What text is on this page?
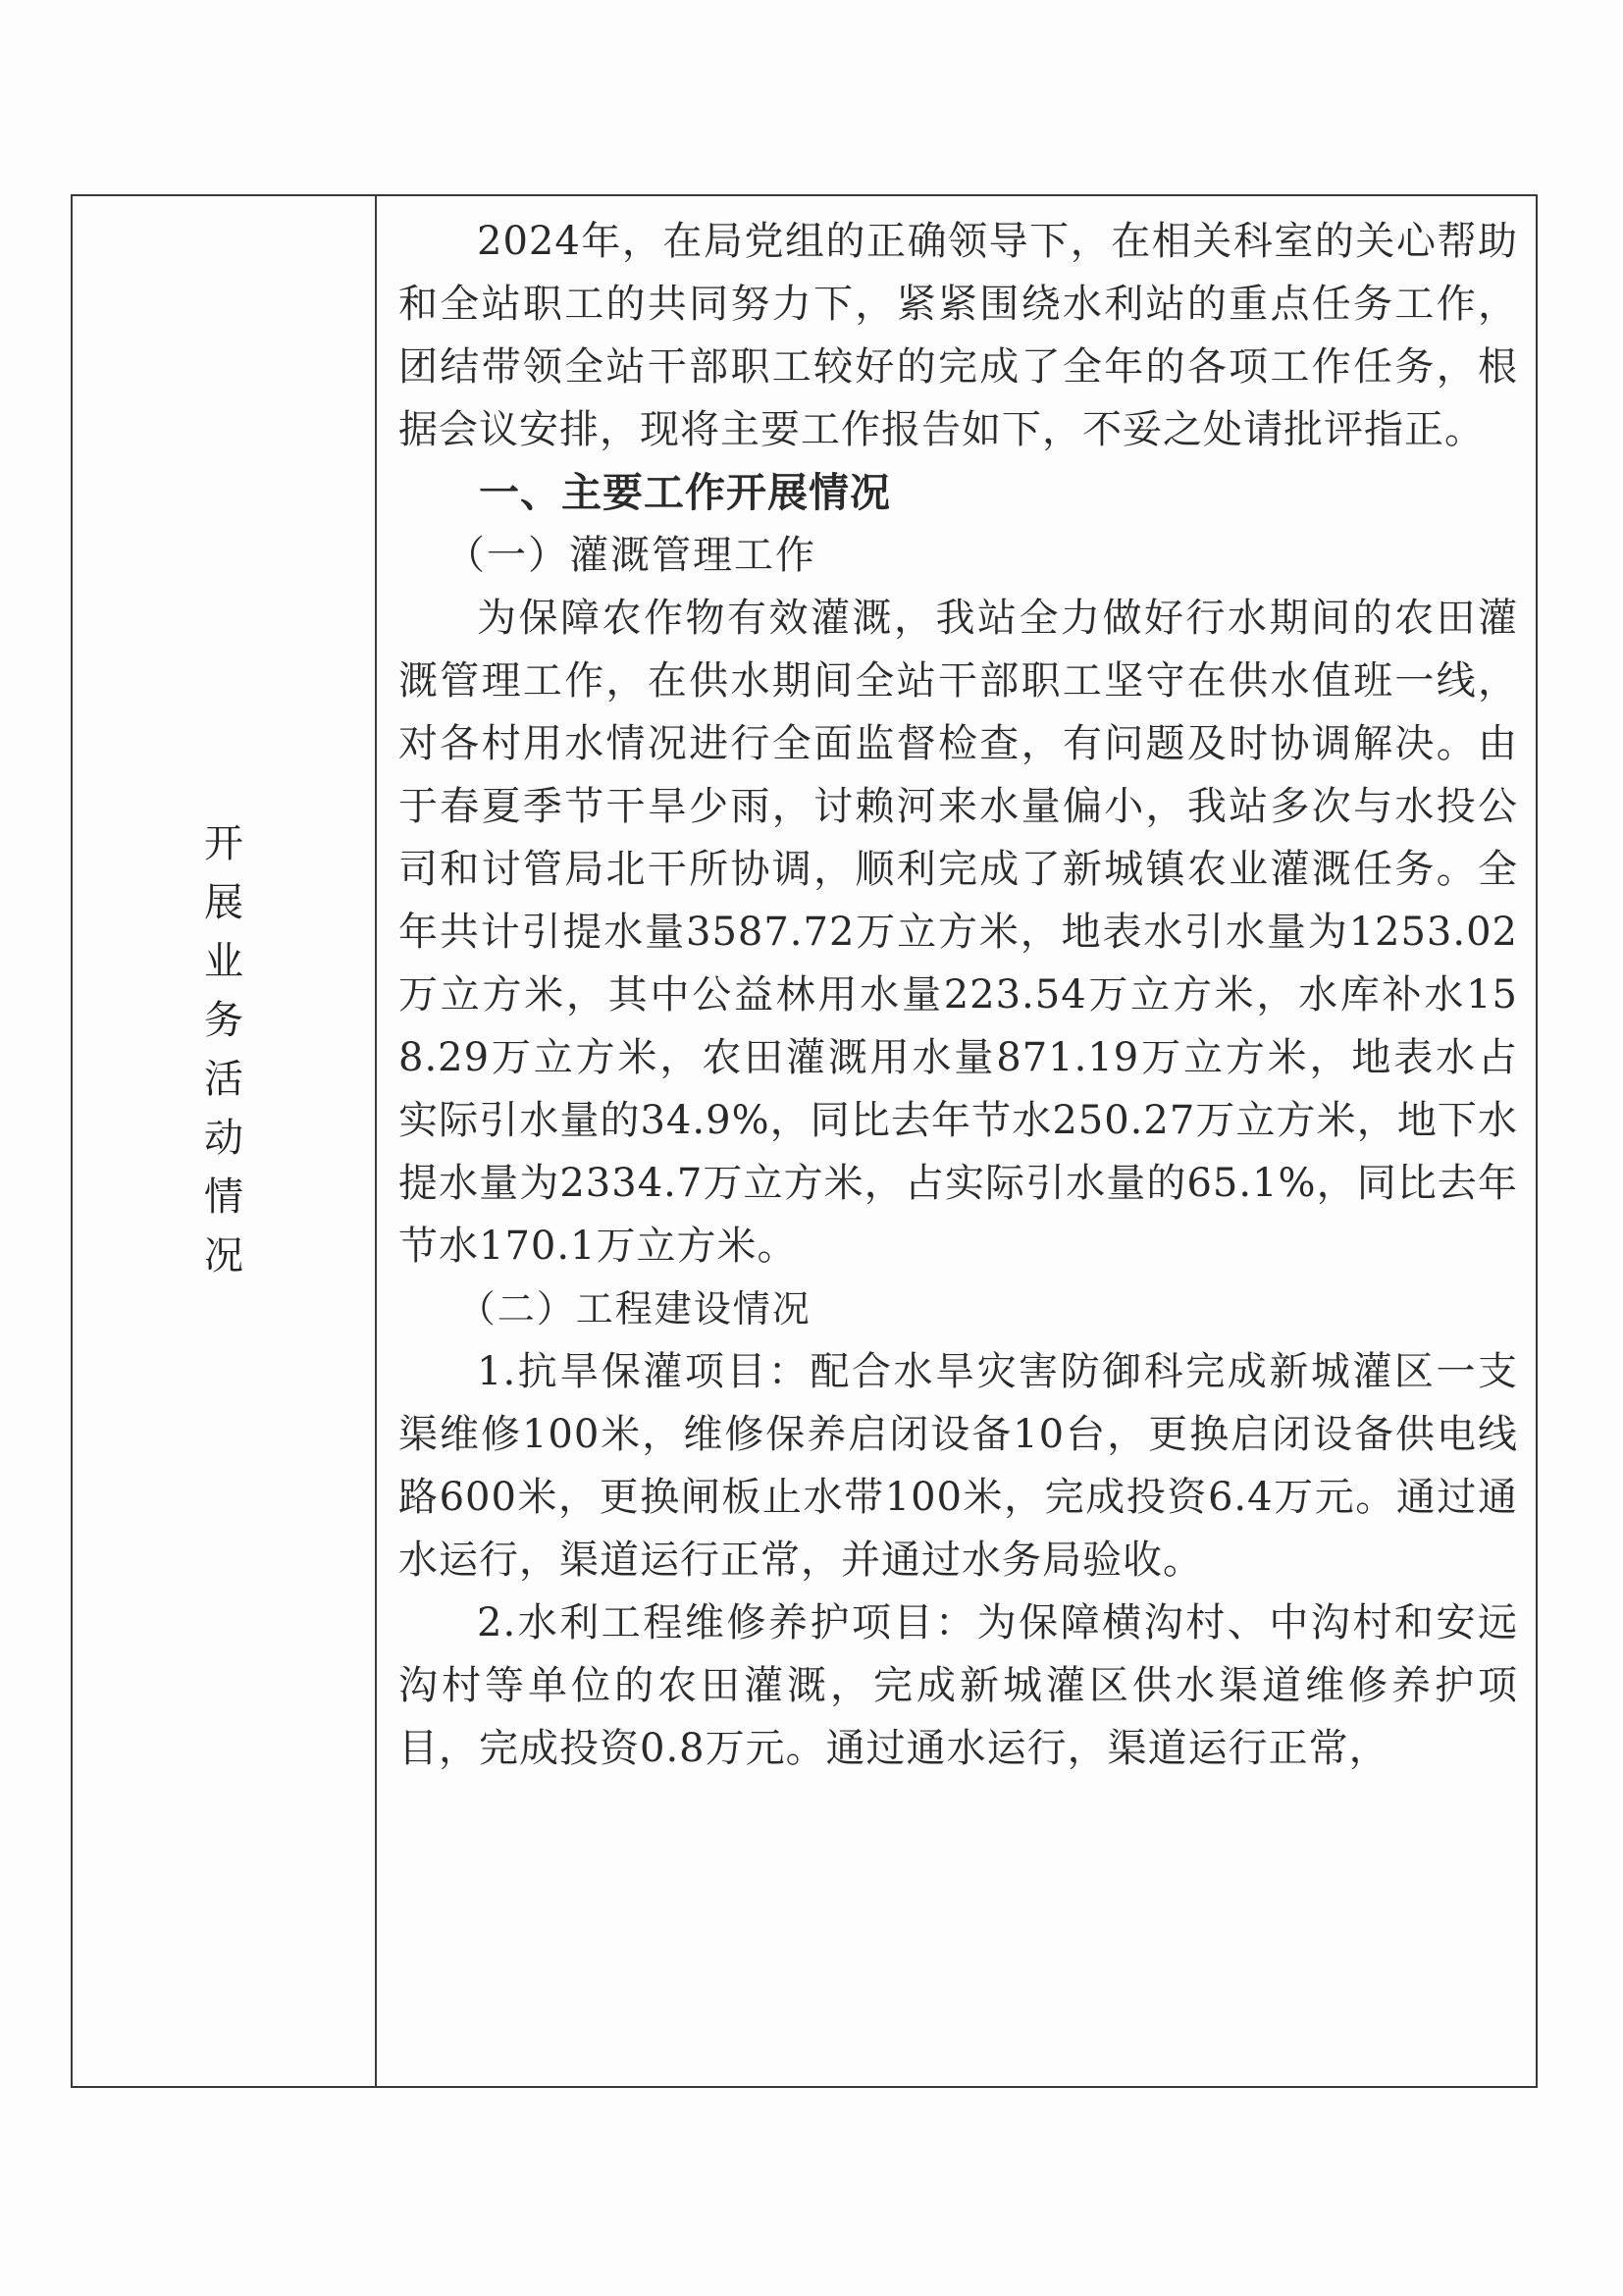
开
展
业
务
活
动
情
况

2024年，在局党组的正确领导下，在相关科室的关心帮助和全站职工的共同努力下，紧紧围绕水利站的重点任务工作，团结带领全站干部职工较好的完成了全年的各项工作任务，根据会议安排，现将主要工作报告如下，不妥之处请批评指正。

一、主要工作开展情况

（一）灌溉管理工作

为保障农作物有效灌溉，我站全力做好行水期间的农田灌溉管理工作，在供水期间全站干部职工坚守在供水值班一线，对各村用水情况进行全面监督检查，有问题及时协调解决。由于春夏季节干旱少雨，讨赖河来水量偏小，我站多次与水投公司和讨管局北干所协调，顺利完成了新城镇农业灌溉任务。全年共计引提水量3587.72万立方米，地表水引水量为1253.02万立方米，其中公益林用水量223.54万立方米，水库补水158.29万立方米，农田灌溉用水量871.19万立方米，地表水占实际引水量的34.9%，同比去年节水250.27万立方米，地下水提水量为2334.7万立方米，占实际引水量的65.1%，同比去年节水170.1万立方米。

（二）工程建设情况

1.抗旱保灌项目：配合水旱灾害防御科完成新城灌区一支渠维修100米，维修保养启闭设备10台，更换启闭设备供电线路600米，更换闸板止水带100米，完成投资6.4万元。通过通水运行，渠道运行正常，并通过水务局验收。

2.水利工程维修养护项目：为保障横沟村、中沟村和安远沟村等单位的农田灌溉，完成新城灌区供水渠道维修养护项目，完成投资0.8万元。通过通水运行，渠道运行正常，
